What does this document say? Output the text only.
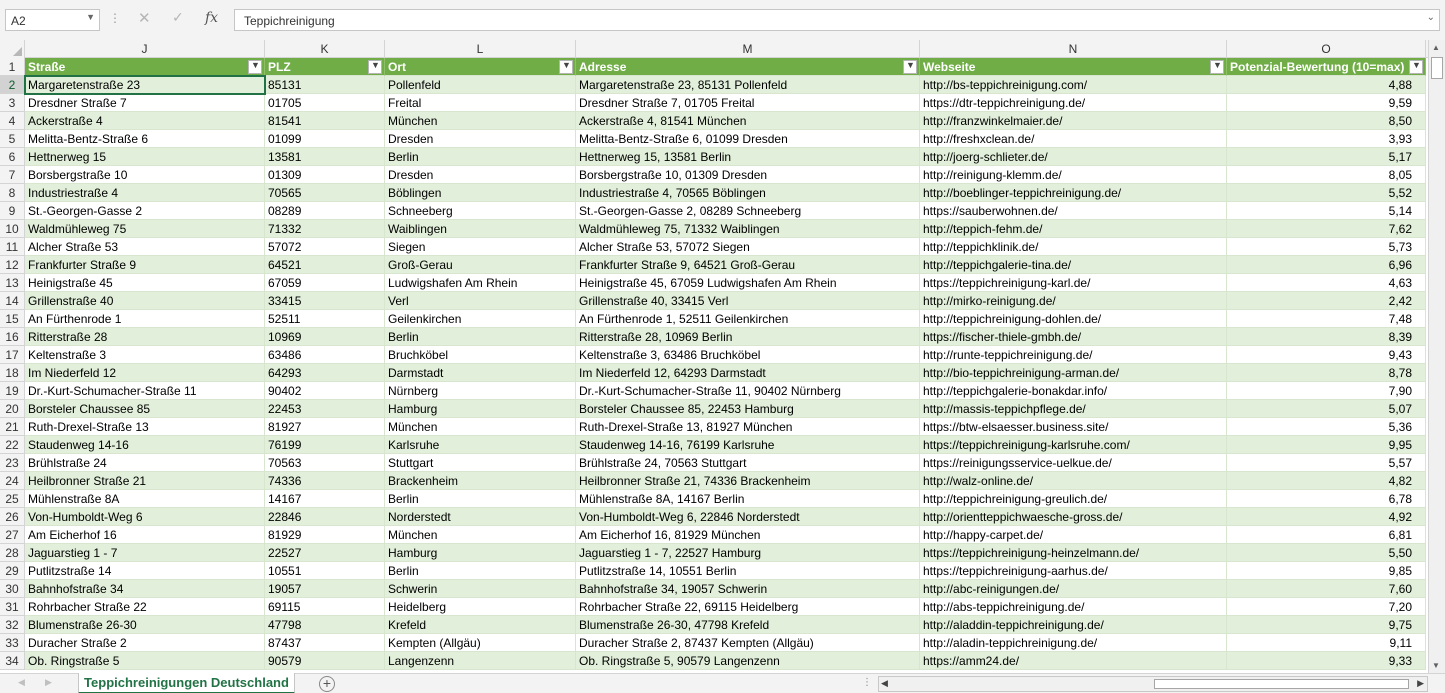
A2	▼ ⋮ ✕ ✓ fx Teppichreinigung	⌄
J	K	L	M	N	O
1	Straße	▼ PLZ	▼ Ort	▼ Adresse	▼ Webseite	▼ Potenzial-Bewertung (10=max) ▼
2	Margaretenstraße 23	85131	Pollenfeld	Margaretenstraße 23, 85131 Pollenfeld	http://bs-teppichreinigung.com/	4,88
3	Dresdner Straße 7	01705	Freital	Dresdner Straße 7, 01705 Freital	https://dtr-teppichreinigung.de/	9,59
4	Ackerstraße 4	81541	München	Ackerstraße 4, 81541 München	http://franzwinkelmaier.de/	8,50
5	Melitta-Bentz-Straße 6	01099	Dresden	Melitta-Bentz-Straße 6, 01099 Dresden	http://freshxclean.de/	3,93
6	Hettnerweg 15	13581	Berlin	Hettnerweg 15, 13581 Berlin	http://joerg-schlieter.de/	5,17
7	Borsbergstraße 10	01309	Dresden	Borsbergstraße 10, 01309 Dresden	http://reinigung-klemm.de/	8,05
8	Industriestraße 4	70565	Böblingen	Industriestraße 4, 70565 Böblingen	http://boeblinger-teppichreinigung.de/	5,52
9	St.-Georgen-Gasse 2	08289	Schneeberg	St.-Georgen-Gasse 2, 08289 Schneeberg	https://sauberwohnen.de/	5,14
10 Waldmühleweg 75	71332	Waiblingen	Waldmühleweg 75, 71332 Waiblingen	http://teppich-fehm.de/	7,62
11 Alcher Straße 53	57072	Siegen	Alcher Straße 53, 57072 Siegen	http://teppichklinik.de/	5,73
12 Frankfurter Straße 9	64521	Groß-Gerau	Frankfurter Straße 9, 64521 Groß-Gerau	http://teppichgalerie-tina.de/	6,96
13 Heinigstraße 45	67059	Ludwigshafen Am Rhein	Heinigstraße 45, 67059 Ludwigshafen Am Rhein	https://teppichreinigung-karl.de/	4,63
14 Grillenstraße 40	33415	Verl	Grillenstraße 40, 33415 Verl	http://mirko-reinigung.de/	2,42
15 An Fürthenrode 1	52511	Geilenkirchen	An Fürthenrode 1, 52511 Geilenkirchen	http://teppichreinigung-dohlen.de/	7,48
16 Ritterstraße 28	10969	Berlin	Ritterstraße 28, 10969 Berlin	https://fischer-thiele-gmbh.de/	8,39
17 Keltenstraße 3	63486	Bruchköbel	Keltenstraße 3, 63486 Bruchköbel	http://runte-teppichreinigung.de/	9,43
18 Im Niederfeld 12	64293	Darmstadt	Im Niederfeld 12, 64293 Darmstadt	http://bio-teppichreinigung-arman.de/	8,78
19 Dr.-Kurt-Schumacher-Straße 11	90402	Nürnberg	Dr.-Kurt-Schumacher-Straße 11, 90402 Nürnberg	http://teppichgalerie-bonakdar.info/	7,90
20 Borsteler Chaussee 85	22453	Hamburg	Borsteler Chaussee 85, 22453 Hamburg	http://massis-teppichpflege.de/	5,07
21 Ruth-Drexel-Straße 13	81927	München	Ruth-Drexel-Straße 13, 81927 München	https://btw-elsaesser.business.site/	5,36
22 Staudenweg 14-16	76199	Karlsruhe	Staudenweg 14-16, 76199 Karlsruhe	https://teppichreinigung-karlsruhe.com/	9,95
23 Brühlstraße 24	70563	Stuttgart	Brühlstraße 24, 70563 Stuttgart	https://reinigungsservice-uelkue.de/	5,57
24 Heilbronner Straße 21	74336	Brackenheim	Heilbronner Straße 21, 74336 Brackenheim	http://walz-online.de/	4,82
25 Mühlenstraße 8A	14167	Berlin	Mühlenstraße 8A, 14167 Berlin	http://teppichreinigung-greulich.de/	6,78
26 Von-Humboldt-Weg 6	22846	Norderstedt	Von-Humboldt-Weg 6, 22846 Norderstedt	http://orientteppichwaesche-gross.de/	4,92
27 Am Eicherhof 16	81929	München	Am Eicherhof 16, 81929 München	http://happy-carpet.de/	6,81
28 Jaguarstieg 1 - 7	22527	Hamburg	Jaguarstieg 1 - 7, 22527 Hamburg	https://teppichreinigung-heinzelmann.de/	5,50
29 Putlitzstraße 14	10551	Berlin	Putlitzstraße 14, 10551 Berlin	https://teppichreinigung-aarhus.de/	9,85
30 Bahnhofstraße 34	19057	Schwerin	Bahnhofstraße 34, 19057 Schwerin	http://abc-reinigungen.de/	7,60
31 Rohrbacher Straße 22	69115	Heidelberg	Rohrbacher Straße 22, 69115 Heidelberg	http://abs-teppichreinigung.de/	7,20
32 Blumenstraße 26-30	47798	Krefeld	Blumenstraße 26-30, 47798 Krefeld	http://aladdin-teppichreinigung.de/	9,75
33 Duracher Straße 2	87437	Kempten (Allgäu)	Duracher Straße 2, 87437 Kempten (Allgäu)	http://aladin-teppichreinigung.de/	9,11
34 Ob. Ringstraße 5	90579	Langenzenn	Ob. Ringstraße 5, 90579 Langenzenn	https://amm24.de/	9,33
▲
▼
◀ ▶	Teppichreinigungen Deutschland	+	⋮ ◀	▶
